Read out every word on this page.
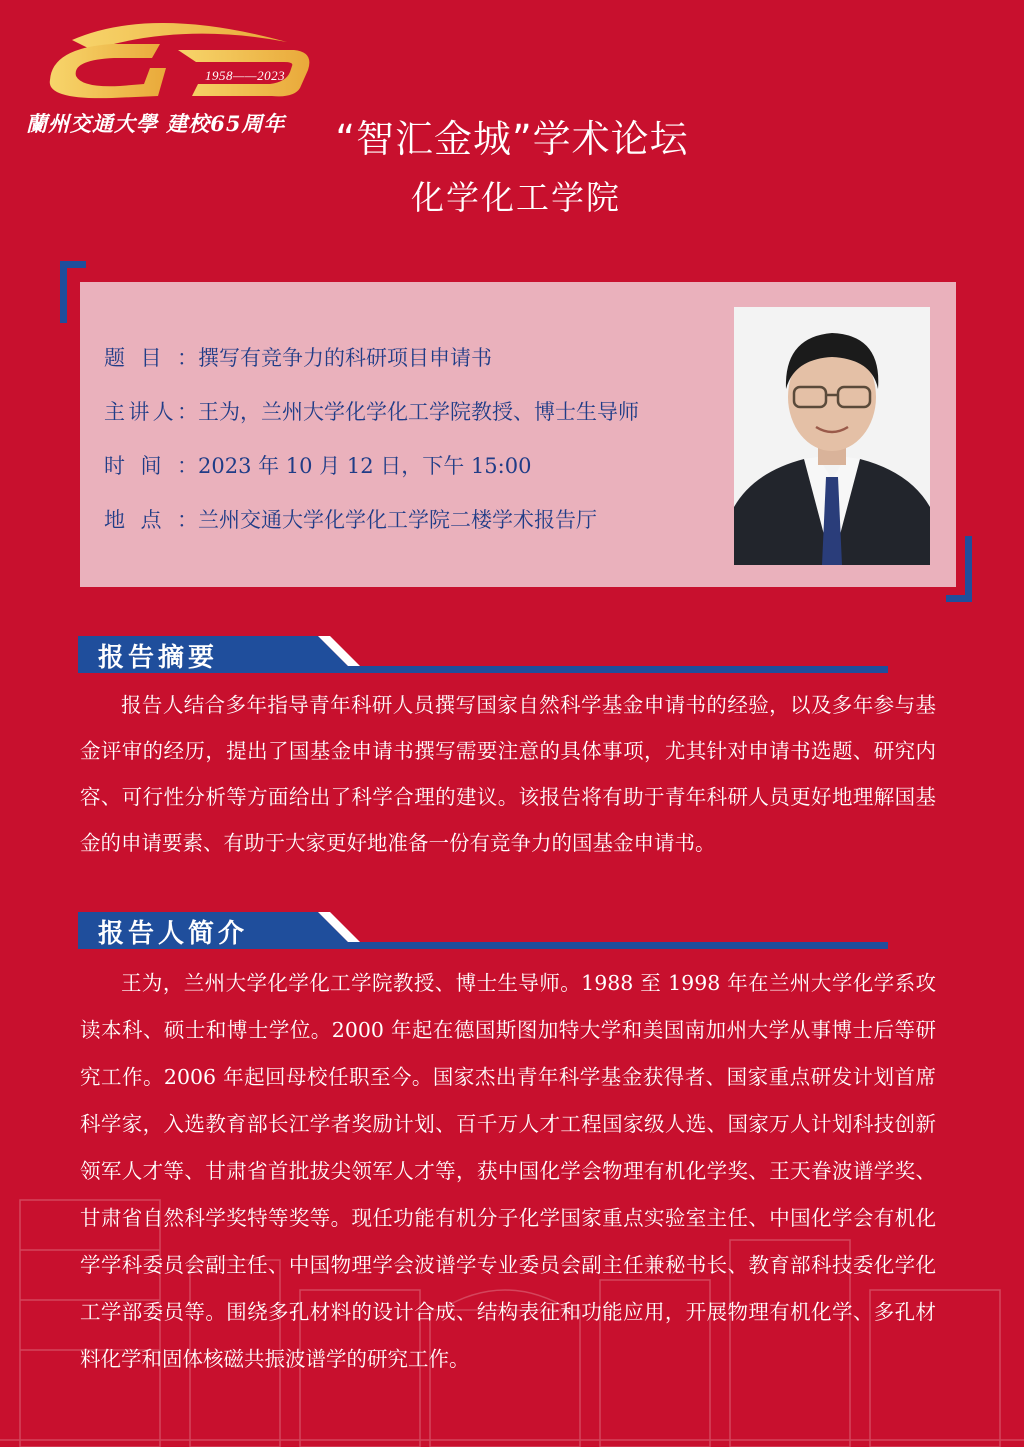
1958——2023
蘭州交通大學 建校65周年	“智汇金城”学术论坛
化学化工学院
题目：撰写有竞争力的科研项目申请书
主讲人：王为，兰州大学化学化工学院教授、博士生导师
时间：2023 年 10 月 12 日，下午 15:00
地点：兰州交通大学化学化工学院二楼学术报告厅
报告摘要

报告人结合多年指导青年科研人员撰写国家自然科学基金申请书的经验，以及多年参与基金评审的经历，提出了国基金申请书撰写需要注意的具体事项，尤其针对申请书选题、研究内容、可行性分析等方面给出了科学合理的建议。该报告将有助于青年科研人员更好地理解国基金的申请要素、有助于大家更好地准备一份有竞争力的国基金申请书。

报告人简介

王为，兰州大学化学化工学院教授、博士生导师。1988 至 1998 年在兰州大学化学系攻读本科、硕士和博士学位。2000 年起在德国斯图加特大学和美国南加州大学从事博士后等研究工作。2006 年起回母校任职至今。国家杰出青年科学基金获得者、国家重点研发计划首席科学家，入选教育部长江学者奖励计划、百千万人才工程国家级人选、国家万人计划科技创新领军人才等、甘肃省首批拔尖领军人才等，获中国化学会物理有机化学奖、王天眷波谱学奖、甘肃省自然科学奖特等奖等。现任功能有机分子化学国家重点实验室主任、中国化学会有机化学学科委员会副主任、中国物理学会波谱学专业委员会副主任兼秘书长、教育部科技委化学化工学部委员等。围绕多孔材料的设计合成、结构表征和功能应用，开展物理有机化学、多孔材料化学和固体核磁共振波谱学的研究工作。
